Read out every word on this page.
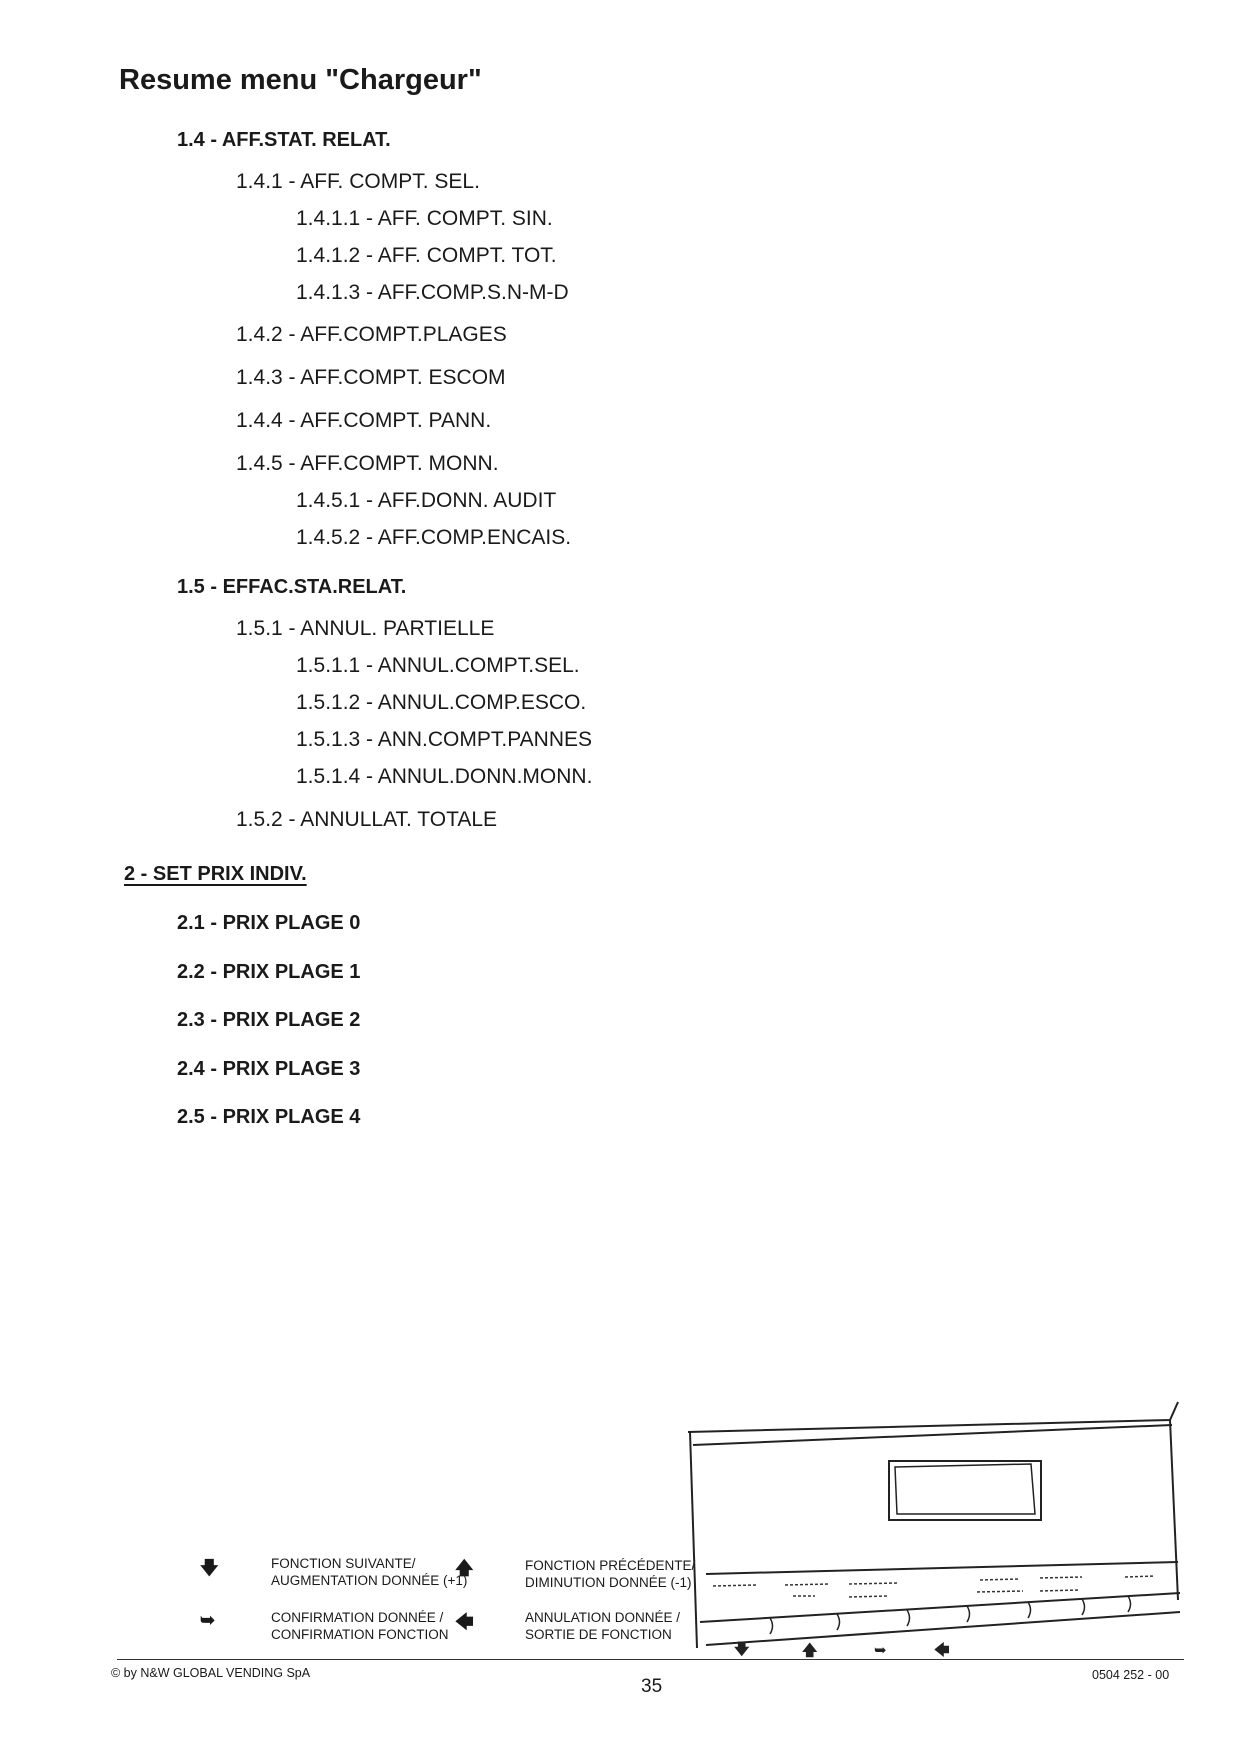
Resume menu "Chargeur"
1.4 - AFF.STAT. RELAT.
1.4.1 - AFF. COMPT. SEL.
1.4.1.1 - AFF. COMPT. SIN.
1.4.1.2 - AFF. COMPT. TOT.
1.4.1.3 - AFF.COMP.S.N-M-D
1.4.2 - AFF.COMPT.PLAGES
1.4.3 - AFF.COMPT. ESCOM
1.4.4 - AFF.COMPT. PANN.
1.4.5 - AFF.COMPT. MONN.
1.4.5.1 - AFF.DONN. AUDIT
1.4.5.2 - AFF.COMP.ENCAIS.
1.5 - EFFAC.STA.RELAT.
1.5.1 - ANNUL. PARTIELLE
1.5.1.1 - ANNUL.COMPT.SEL.
1.5.1.2 - ANNUL.COMP.ESCO.
1.5.1.3 - ANN.COMPT.PANNES
1.5.1.4 - ANNUL.DONN.MONN.
1.5.2 - ANNULLAT. TOTALE
2 - SET PRIX INDIV.
2.1 - PRIX PLAGE 0
2.2 - PRIX PLAGE 1
2.3 - PRIX PLAGE 2
2.4 - PRIX PLAGE 3
2.5 - PRIX PLAGE 4
🡇	FONCTION SUIVANTE/
AUGMENTATION DONNÉE (+1)
🡅	FONCTION PRÉCÉDENTE/
DIMINUTION DONNÉE (-1)
➥	CONFIRMATION DONNÉE /
CONFIRMATION FONCTION
🡄	ANNULATION DONNÉE /
SORTIE DE FONCTION
🡇	🡅	➥	🡄
© by N&W GLOBAL VENDING SpA
35
0504 252 - 00
